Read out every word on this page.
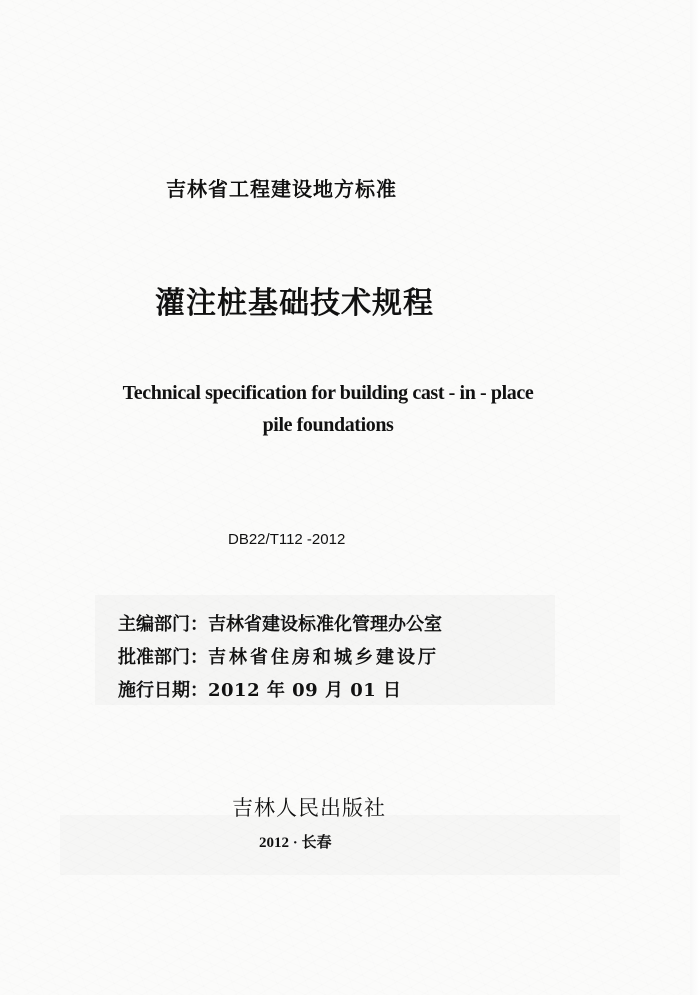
吉林省工程建设地方标准
灌注桩基础技术规程
Technical specification for building cast - in - place
pile foundations
DB22/T112 -2012
主编部门： 吉林省建设标准化管理办公室
批准部门： 吉林省住房和城乡建设厅
施行日期： 2012 年 09 月 01 日
吉林人民出版社
2012 · 长春
